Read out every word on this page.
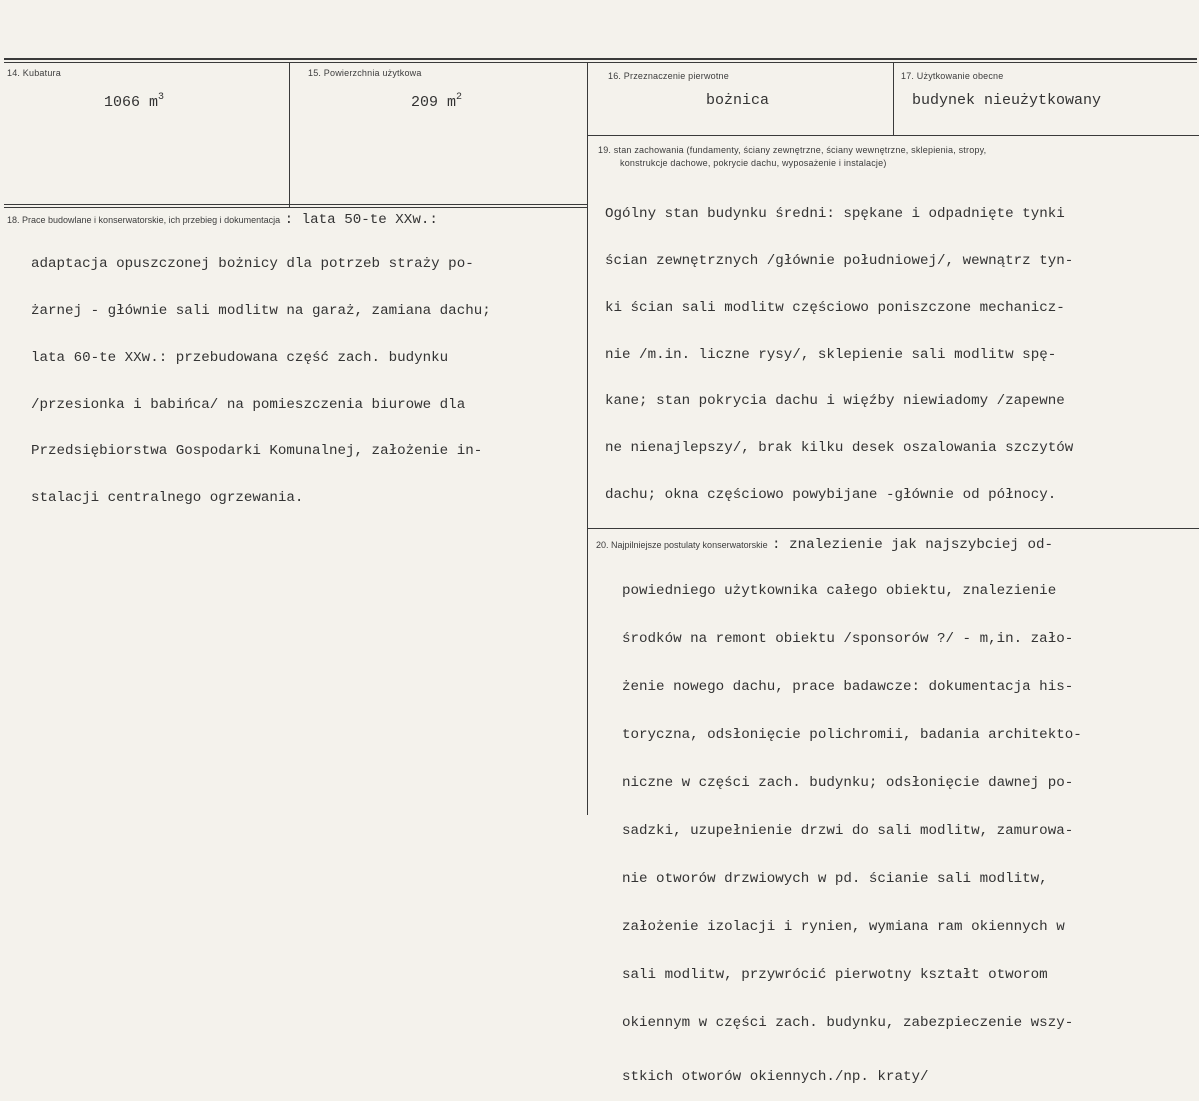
14. Kubatura
1066 $m^3$
15. Powierzchnia użytkowa
209 $m^2$
16. Przeznaczenie pierwotne
bożnica
17. Użytkowanie obecne
budynek nieużytkowany
19. stan zachowania (fundamenty, ściany zewnętrzne, ściany wewnętrzne, sklepienia, stropy,
konstrukcje dachowe, pokrycie dachu, wyposażenie i instalacje)

Ogólny stan budynku średni: spękane i odpadnięte tynki

ścian zewnętrznych /głównie południowej/, wewnątrz tyn-

ki ścian sali modlitw częściowo poniszczone mechanicz-

nie /m.in. liczne rysy/, sklepienie sali modlitw spę-

kane; stan pokrycia dachu i więźby niewiadomy /zapewne

ne nienajlepszy/, brak kilku desek oszalowania szczytów

dachu; okna częściowo powybijane -głównie od północy.

18. Prace budowlane i konserwatorskie, ich przebieg i dokumentacja : lata 50-te XXw.:

adaptacja opuszczonej bożnicy dla potrzeb straży po-

żarnej - głównie sali modlitw na garaż, zamiana dachu;

lata 60-te XXw.: przebudowana część zach. budynku

/przesionka i babińca/ na pomieszczenia biurowe dla

Przedsiębiorstwa Gospodarki Komunalnej, założenie in-

stalacji centralnego ogrzewania.

20. Najpilniejsze postulaty konserwatorskie : znalezienie jak najszybciej od-

powiedniego użytkownika całego obiektu, znalezienie

środków na remont obiektu /sponsorów ?/ - m,in. zało-

żenie nowego dachu, prace badawcze: dokumentacja his-

toryczna, odsłonięcie polichromii, badania architekto-

niczne w części zach. budynku; odsłonięcie dawnej po-

sadzki, uzupełnienie drzwi do sali modlitw, zamurowa-

nie otworów drzwiowych w pd. ścianie sali modlitw,

założenie izolacji i rynien, wymiana ram okiennych w

sali modlitw, przywrócić pierwotny kształt otworom

okiennym w części zach. budynku, zabezpieczenie wszy-

stkich otworów okiennych./np. kraty/
